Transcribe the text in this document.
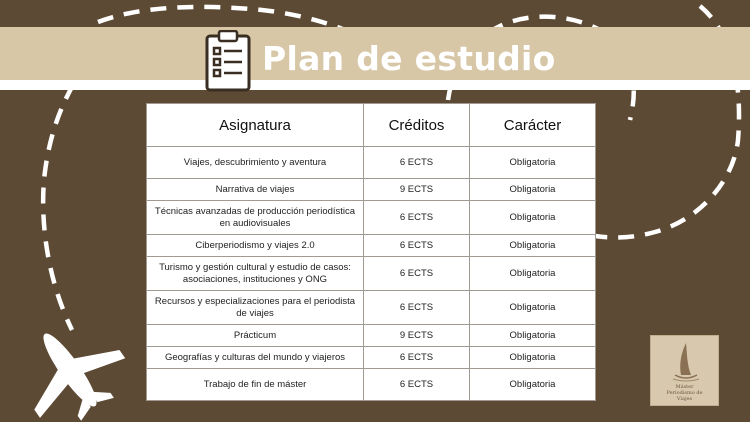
Plan de estudio
Asignatura	Créditos	Carácter
Viajes, descubrimiento y aventura	6 ECTS	Obligatoria
Narrativa de viajes	9 ECTS	Obligatoria
Técnicas avanzadas de producción periodística en audiovisuales	6 ECTS	Obligatoria
Ciberperiodismo y viajes 2.0	6 ECTS	Obligatoria
Turismo y gestión cultural y estudio de casos: asociaciones, instituciones y ONG	6 ECTS	Obligatoria
Recursos y especializaciones para el periodista de viajes	6 ECTS	Obligatoria
Prácticum	9 ECTS	Obligatoria
Geografías y culturas del mundo y viajeros	6 ECTS	Obligatoria
Trabajo de fin de máster	6 ECTS	Obligatoria	Máster
Periodismo de
Viajes
